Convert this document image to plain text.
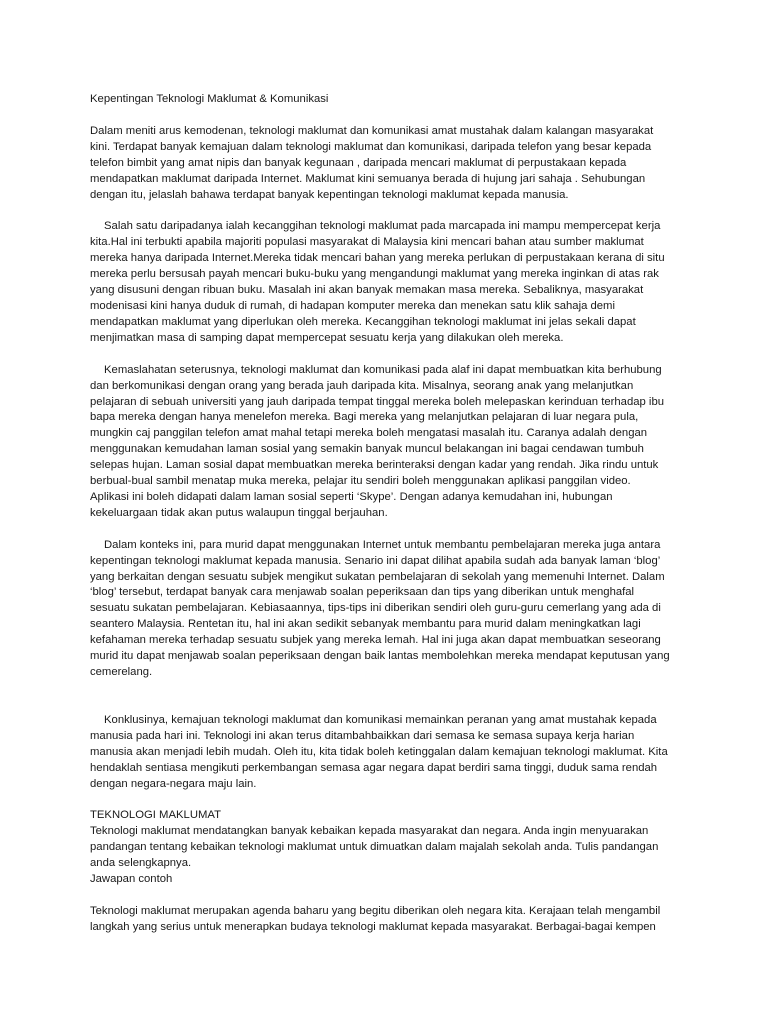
Kepentingan Teknologi Maklumat & Komunikasi

Dalam meniti arus kemodenan, teknologi maklumat dan komunikasi amat mustahak dalam kalangan masyarakat kini. Terdapat banyak kemajuan dalam teknologi maklumat dan komunikasi, daripada telefon yang besar kepada telefon bimbit yang amat nipis dan banyak kegunaan , daripada mencari maklumat di perpustakaan kepada mendapatkan maklumat daripada Internet. Maklumat kini semuanya berada di hujung jari sahaja . Sehubungan dengan itu, jelaslah bahawa terdapat banyak kepentingan teknologi maklumat kepada manusia.

Salah satu daripadanya ialah kecanggihan teknologi maklumat pada marcapada ini mampu mempercepat kerja kita.Hal ini terbukti apabila majoriti populasi masyarakat di Malaysia kini mencari bahan atau sumber maklumat mereka hanya daripada Internet.Mereka tidak mencari bahan yang mereka perlukan di perpustakaan kerana di situ mereka perlu bersusah payah mencari buku-buku yang mengandungi maklumat yang mereka inginkan di atas rak yang disusuni dengan ribuan buku. Masalah ini akan banyak memakan masa mereka. Sebaliknya, masyarakat modenisasi kini hanya duduk di rumah, di hadapan komputer mereka dan menekan satu klik sahaja demi mendapatkan maklumat yang diperlukan oleh mereka. Kecanggihan teknologi maklumat ini jelas sekali dapat menjimatkan masa di samping dapat mempercepat sesuatu kerja yang dilakukan oleh mereka.

Kemaslahatan seterusnya, teknologi maklumat dan komunikasi pada alaf ini dapat membuatkan kita berhubung dan berkomunikasi dengan orang yang berada jauh daripada kita. Misalnya, seorang anak yang melanjutkan pelajaran di sebuah universiti yang jauh daripada tempat tinggal mereka boleh melepaskan kerinduan terhadap ibu bapa mereka dengan hanya menelefon mereka. Bagi mereka yang melanjutkan pelajaran di luar negara pula, mungkin caj panggilan telefon amat mahal tetapi mereka boleh mengatasi masalah itu. Caranya adalah dengan menggunakan kemudahan laman sosial yang semakin banyak muncul belakangan ini bagai cendawan tumbuh selepas hujan. Laman sosial dapat membuatkan mereka berinteraksi dengan kadar yang rendah. Jika rindu untuk berbual-bual sambil menatap muka mereka, pelajar itu sendiri boleh menggunakan aplikasi panggilan video. Aplikasi ini boleh didapati dalam laman sosial seperti ‘Skype’. Dengan adanya kemudahan ini, hubungan kekeluargaan tidak akan putus walaupun tinggal berjauhan.

Dalam konteks ini, para murid dapat menggunakan Internet untuk membantu pembelajaran mereka juga antara kepentingan teknologi maklumat kepada manusia. Senario ini dapat dilihat apabila sudah ada banyak laman ‘blog’ yang berkaitan dengan sesuatu subjek mengikut sukatan pembelajaran di sekolah yang memenuhi Internet. Dalam ‘blog’ tersebut, terdapat banyak cara menjawab soalan peperiksaan dan tips yang diberikan untuk menghafal sesuatu sukatan pembelajaran. Kebiasaannya, tips-tips ini diberikan sendiri oleh guru-guru cemerlang yang ada di seantero Malaysia. Rentetan itu, hal ini akan sedikit sebanyak membantu para murid dalam meningkatkan lagi kefahaman mereka terhadap sesuatu subjek yang mereka lemah. Hal ini juga akan dapat membuatkan seseorang murid itu dapat menjawab soalan peperiksaan dengan baik lantas membolehkan mereka mendapat keputusan yang cemerelang.

Konklusinya, kemajuan teknologi maklumat dan komunikasi memainkan peranan yang amat mustahak kepada manusia pada hari ini. Teknologi ini akan terus ditambahbaikkan dari semasa ke semasa supaya kerja harian manusia akan menjadi lebih mudah. Oleh itu, kita tidak boleh ketinggalan dalam kemajuan teknologi maklumat. Kita hendaklah sentiasa mengikuti perkembangan semasa agar negara dapat berdiri sama tinggi, duduk sama rendah dengan negara-negara maju lain.

TEKNOLOGI MAKLUMAT

Teknologi maklumat mendatangkan banyak kebaikan kepada masyarakat dan negara. Anda ingin menyuarakan pandangan tentang kebaikan teknologi maklumat untuk dimuatkan dalam majalah sekolah anda. Tulis pandangan anda selengkapnya.

Jawapan contoh

Teknologi maklumat merupakan agenda baharu yang begitu diberikan oleh negara kita. Kerajaan telah mengambil langkah yang serius untuk menerapkan budaya teknologi maklumat kepada masyarakat. Berbagai-bagai kempen
